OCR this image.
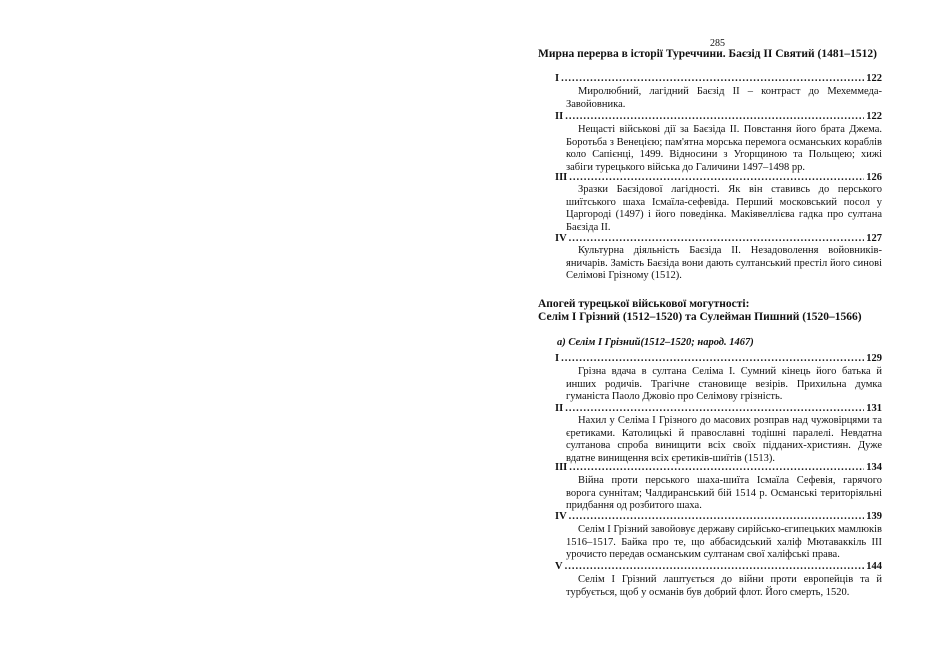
285
Мирна перерва в історії Туреччини. Баєзід II Святий (1481–1512)
I .....	122
Миролюбний, лагідний Баєзід II – контраст до Мехеммеда-Завойовника.
II .....	122
Нещасті військові дії за Баєзіда II. Повстання його брата Джема. Боротьба з Венецією; пам'ятна морська перемога османських кораблів коло Сапієнці, 1499. Відносини з Угорщиною та Польщею; хижі забіги турецького війська до Галичини 1497–1498 рр.
III .....	126
Зразки Баєзідової лагідності. Як він ставивсь до перського шиїтського шаха Ісмаїла-сефевіда. Перший московський посол у Царгороді (1497) і його поведінка. Макіявеллієва гадка про султана Баєзіда II.
IV .....	127
Культурна діяльність Баєзіда II. Незадоволення войовників-яничарів. Замість Баєзіда вони дають султанський престіл його синові Селімові Грізному (1512).
Апогей турецької військової могутності:
Селім I Грізний (1512–1520) та Сулейман Пишний (1520–1566)
а) Селім I Грізний(1512–1520; народ. 1467)
I .....	129
Грізна вдача в султана Селіма I. Сумний кінець його батька й инших родичів. Трагічне становище везірів. Прихильна думка гуманіста Паоло Джовіо про Селімову грізність.
II .....	131
Нахил у Селіма I Грізного до масових розправ над чужовірцями та єретиками. Католицькі й православні тодішні паралелі. Невдатна султанова спроба винищити всіх своїх підданих-християн. Дуже вдатне винищення всіх єретиків-шиїтів (1513).
III .....	134
Війна проти перського шаха-шиїта Ісмаїла Сефевія, гарячого ворога суннітам; Чалдиранський бій 1514 р. Османські територіяльні придбання од розбитого шаха.
IV .....	139
Селім I Грізний завойовує державу сирійсько-єгипецьких мамлюків 1516–1517. Байка про те, що аббасидський халіф Мютаваккіль III урочисто передав османським султанам свої халіфські права.
V .....	144
Селім I Грізний лаштується до війни проти европейців та й турбується, щоб у османів був добрий флот. Його смерть, 1520.
